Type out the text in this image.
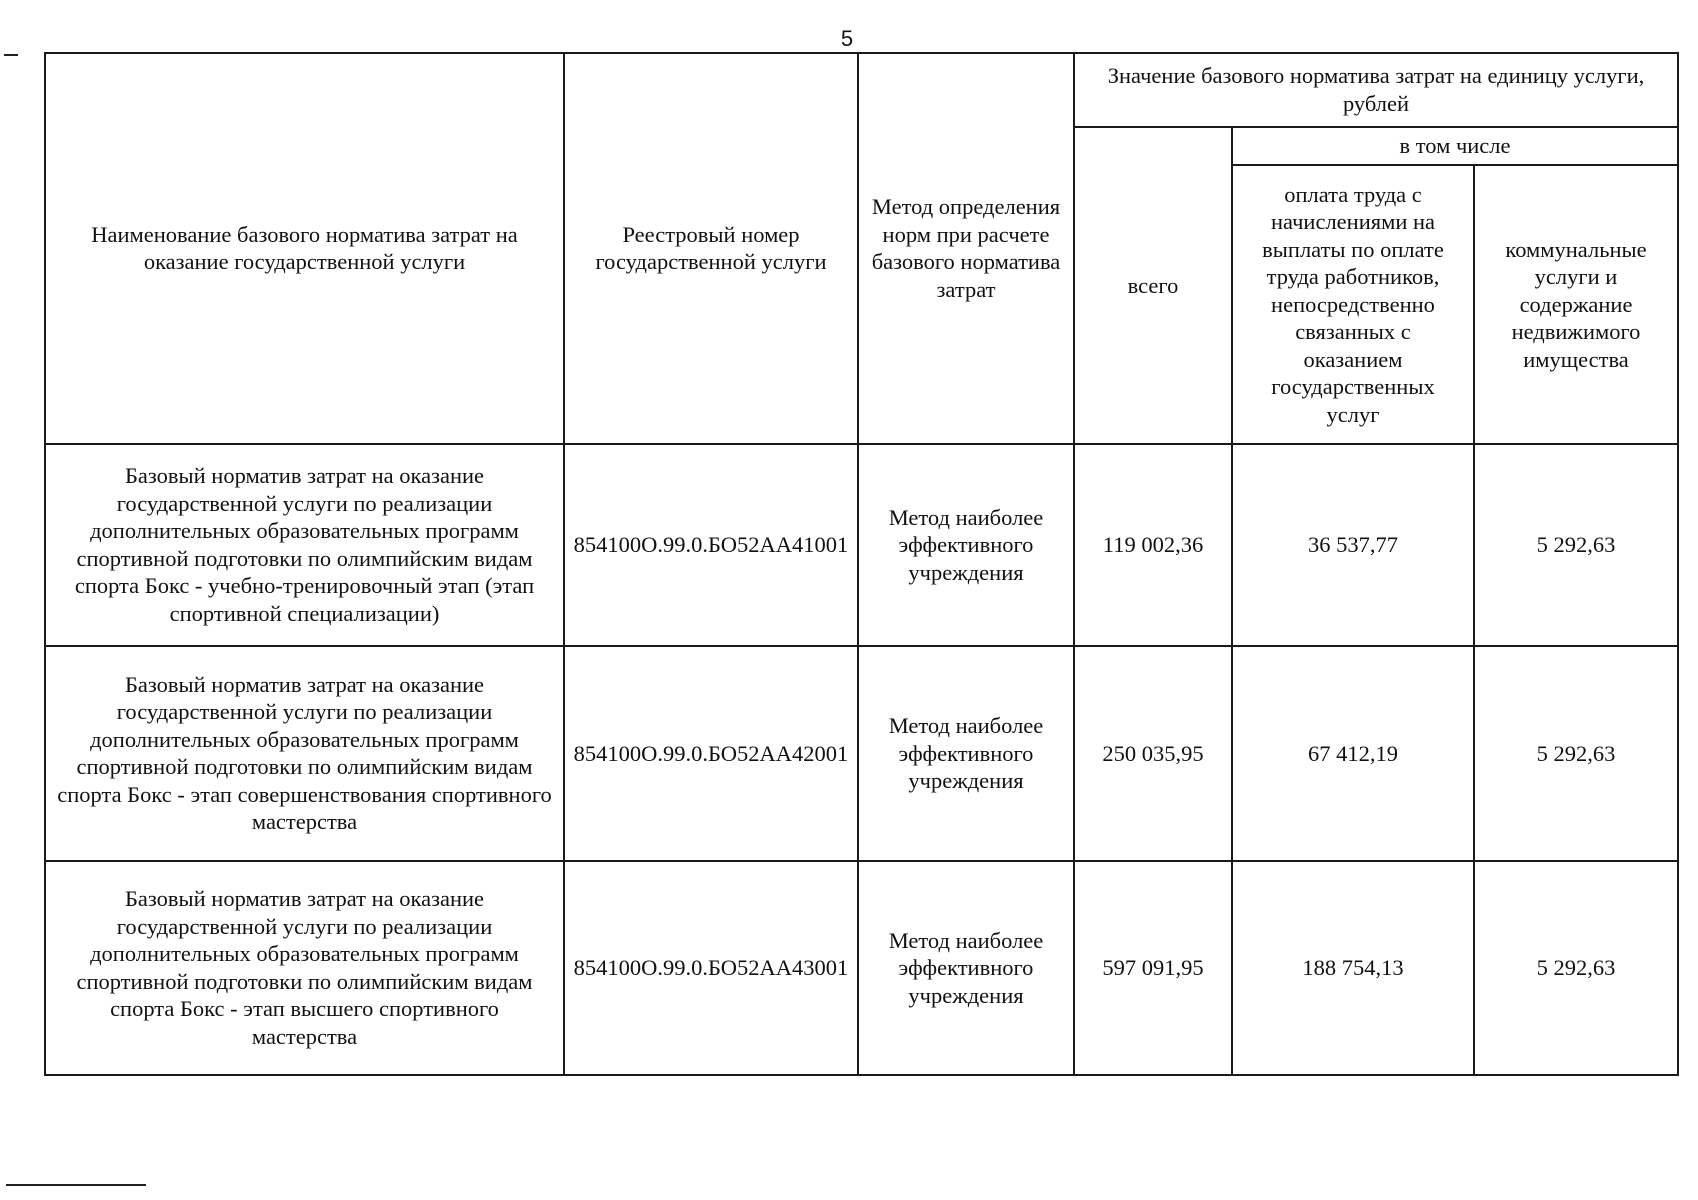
5
Наименование базового норматива затрат на оказание государственной услуги	Реестровый номер государственной услуги	Метод определения норм при расчете базового норматива затрат	Значение базового норматива затрат на единицу услуги, рублей		
			всего	в том числе	
				оплата труда с начислениями на выплаты по оплате труда работников, непосредственно связанных с оказанием государственных услуг	коммунальные услуги и содержание недвижимого имущества
Базовый норматив затрат на оказание государственной услуги по реализации дополнительных образовательных программ спортивной подготовки по олимпийским видам спорта Бокс - учебно-тренировочный этап (этап спортивной специализации)	854100О.99.0.БО52АА41001	Метод наиболее эффективного учреждения	119 002,36	36 537,77	5 292,63
Базовый норматив затрат на оказание государственной услуги по реализации дополнительных образовательных программ спортивной подготовки по олимпийским видам спорта Бокс - этап совершенствования спортивного мастерства	854100О.99.0.БО52АА42001	Метод наиболее эффективного учреждения	250 035,95	67 412,19	5 292,63
Базовый норматив затрат на оказание государственной услуги по реализации дополнительных образовательных программ спортивной подготовки по олимпийским видам спорта Бокс - этап высшего спортивного мастерства	854100О.99.0.БО52АА43001	Метод наиболее эффективного учреждения	597 091,95	188 754,13	5 292,63
